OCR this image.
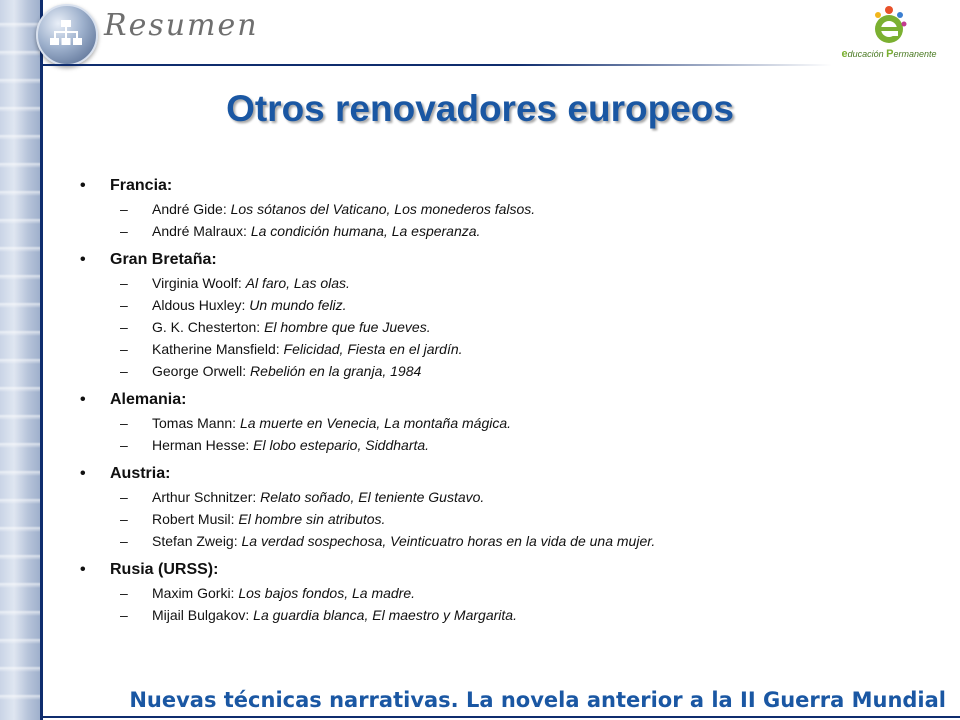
Resumen
educación Permanente
Otros renovadores europeos
• Francia:
– André Gide: Los sótanos del Vaticano, Los monederos falsos.
– André Malraux: La condición humana, La esperanza.
• Gran Bretaña:
– Virginia Woolf: Al faro, Las olas.
– Aldous Huxley: Un mundo feliz.
– G. K. Chesterton: El hombre que fue Jueves.
– Katherine Mansfield: Felicidad, Fiesta en el jardín.
– George Orwell: Rebelión en la granja, 1984
• Alemania:
– Tomas Mann: La muerte en Venecia, La montaña mágica.
– Herman Hesse: El lobo estepario, Siddharta.
• Austria:
– Arthur Schnitzer: Relato soñado, El teniente Gustavo.
– Robert Musil: El hombre sin atributos.
– Stefan Zweig: La verdad sospechosa, Veinticuatro horas en la vida de una mujer.
• Rusia (URSS):
– Maxim Gorki: Los bajos fondos, La madre.
– Mijail Bulgakov: La guardia blanca, El maestro y Margarita.
Nuevas técnicas narrativas. La novela anterior a la II Guerra Mundial
